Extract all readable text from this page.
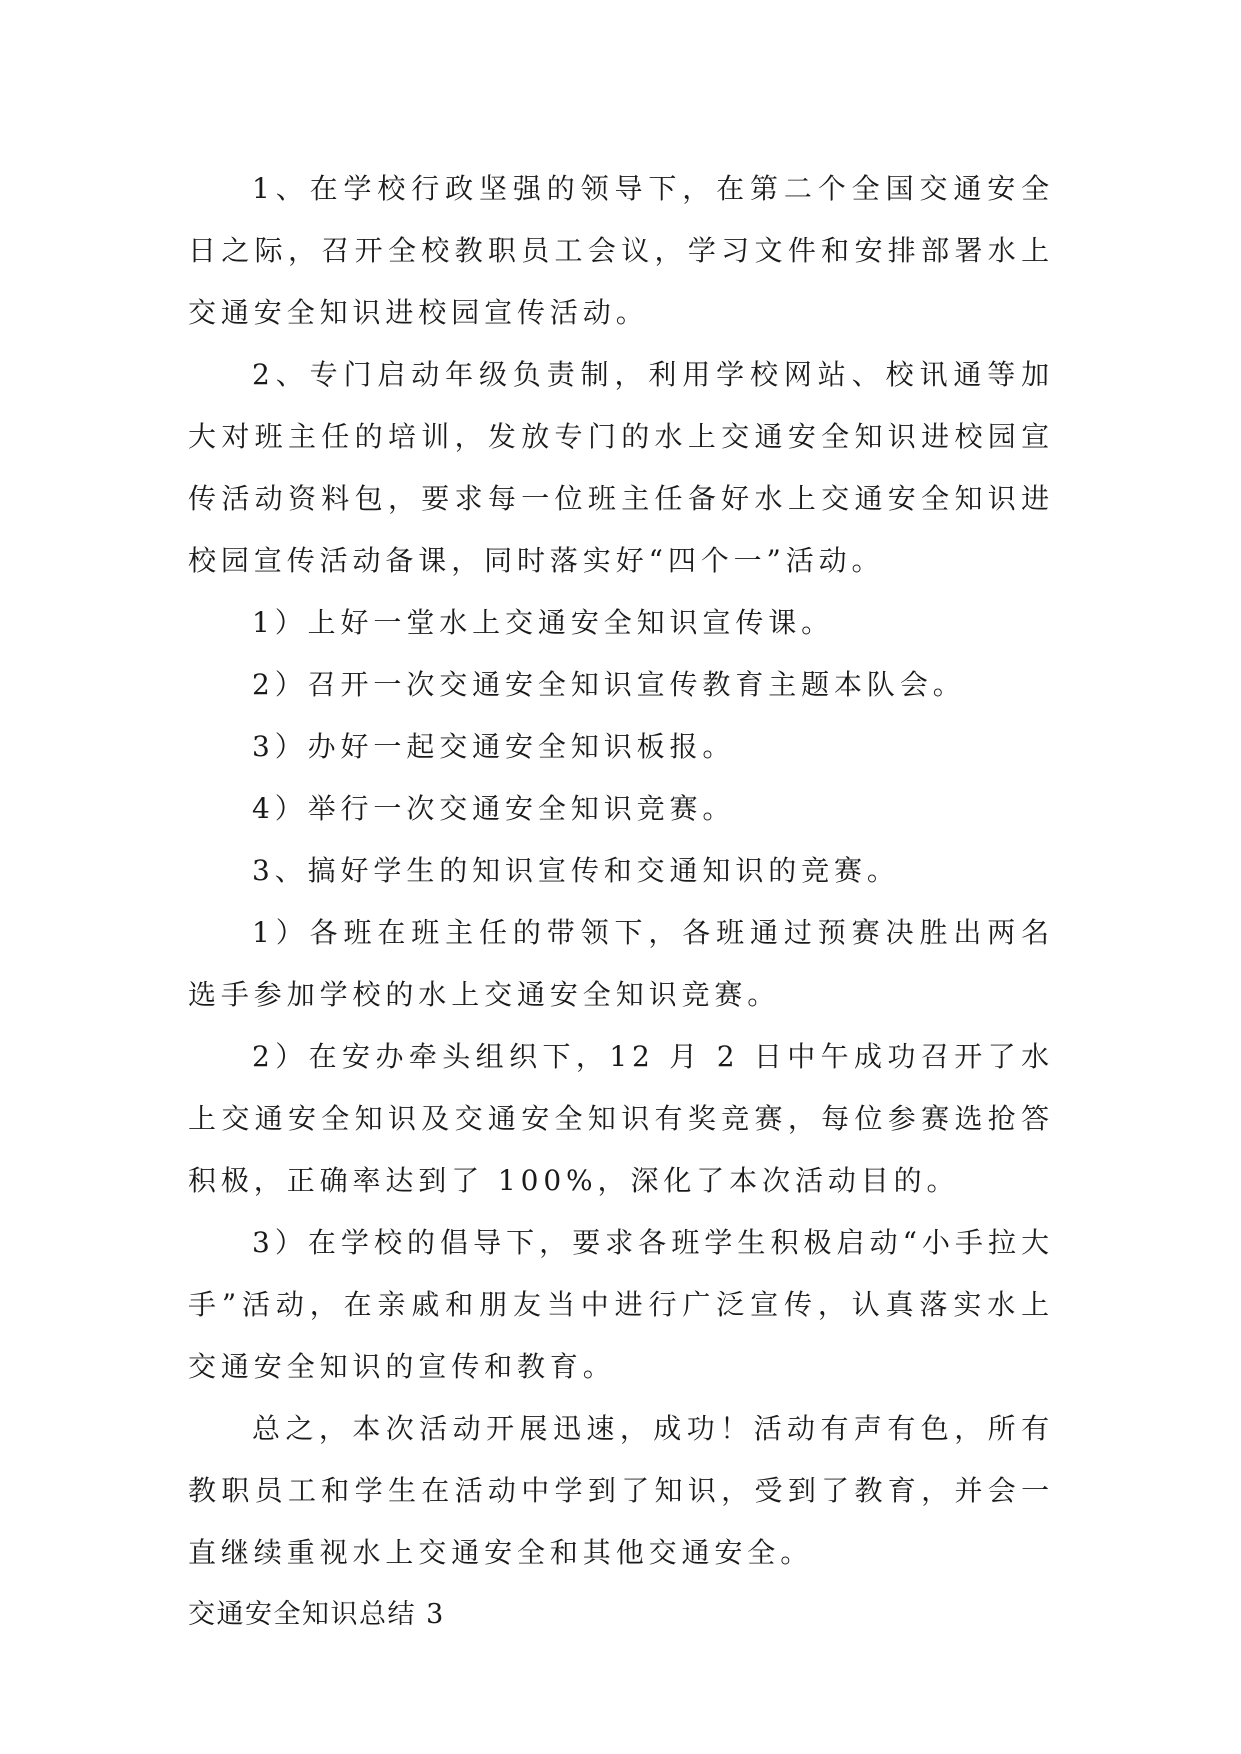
1、在学校行政坚强的领导下，在第二个全国交通安全日之际，召开全校教职员工会议，学习文件和安排部署水上交通安全知识进校园宣传活动。

2、专门启动年级负责制，利用学校网站、校讯通等加大对班主任的培训，发放专门的水上交通安全知识进校园宣传活动资料包，要求每一位班主任备好水上交通安全知识进校园宣传活动备课，同时落实好“四个一”活动。

1）上好一堂水上交通安全知识宣传课。

2）召开一次交通安全知识宣传教育主题本队会。

3）办好一起交通安全知识板报。

4）举行一次交通安全知识竞赛。

3、搞好学生的知识宣传和交通知识的竞赛。

1）各班在班主任的带领下，各班通过预赛决胜出两名选手参加学校的水上交通安全知识竞赛。

2）在安办牵头组织下，12 月 2 日中午成功召开了水上交通安全知识及交通安全知识有奖竞赛，每位参赛选抢答积极，正确率达到了 100%，深化了本次活动目的。

3）在学校的倡导下，要求各班学生积极启动“小手拉大手”活动，在亲戚和朋友当中进行广泛宣传，认真落实水上交通安全知识的宣传和教育。

总之，本次活动开展迅速，成功！活动有声有色，所有教职员工和学生在活动中学到了知识，受到了教育，并会一直继续重视水上交通安全和其他交通安全。

交通安全知识总结 3
